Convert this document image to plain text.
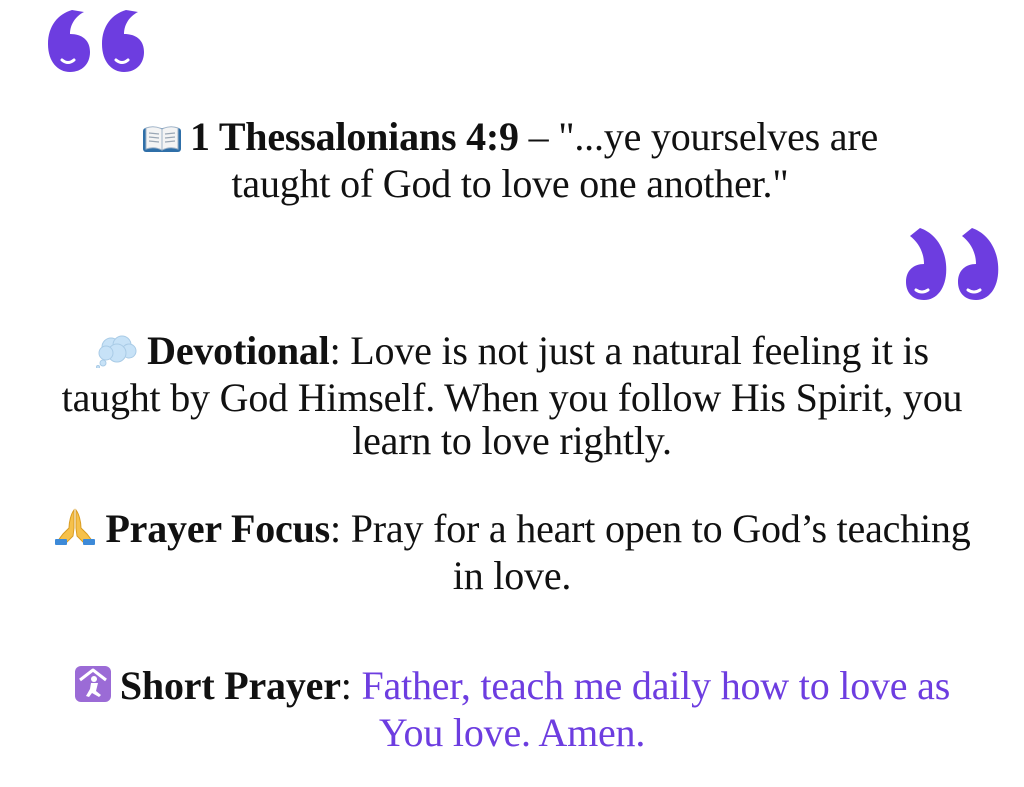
1 Thessalonians 4:9 – "...ye yourselves are
taught of God to love one another."
Devotional: Love is not just a natural feeling it is
taught by God Himself. When you follow His Spirit, you
learn to love rightly.
Prayer Focus: Pray for a heart open to God’s teaching
in love.
Short Prayer: Father, teach me daily how to love as
You love. Amen.
